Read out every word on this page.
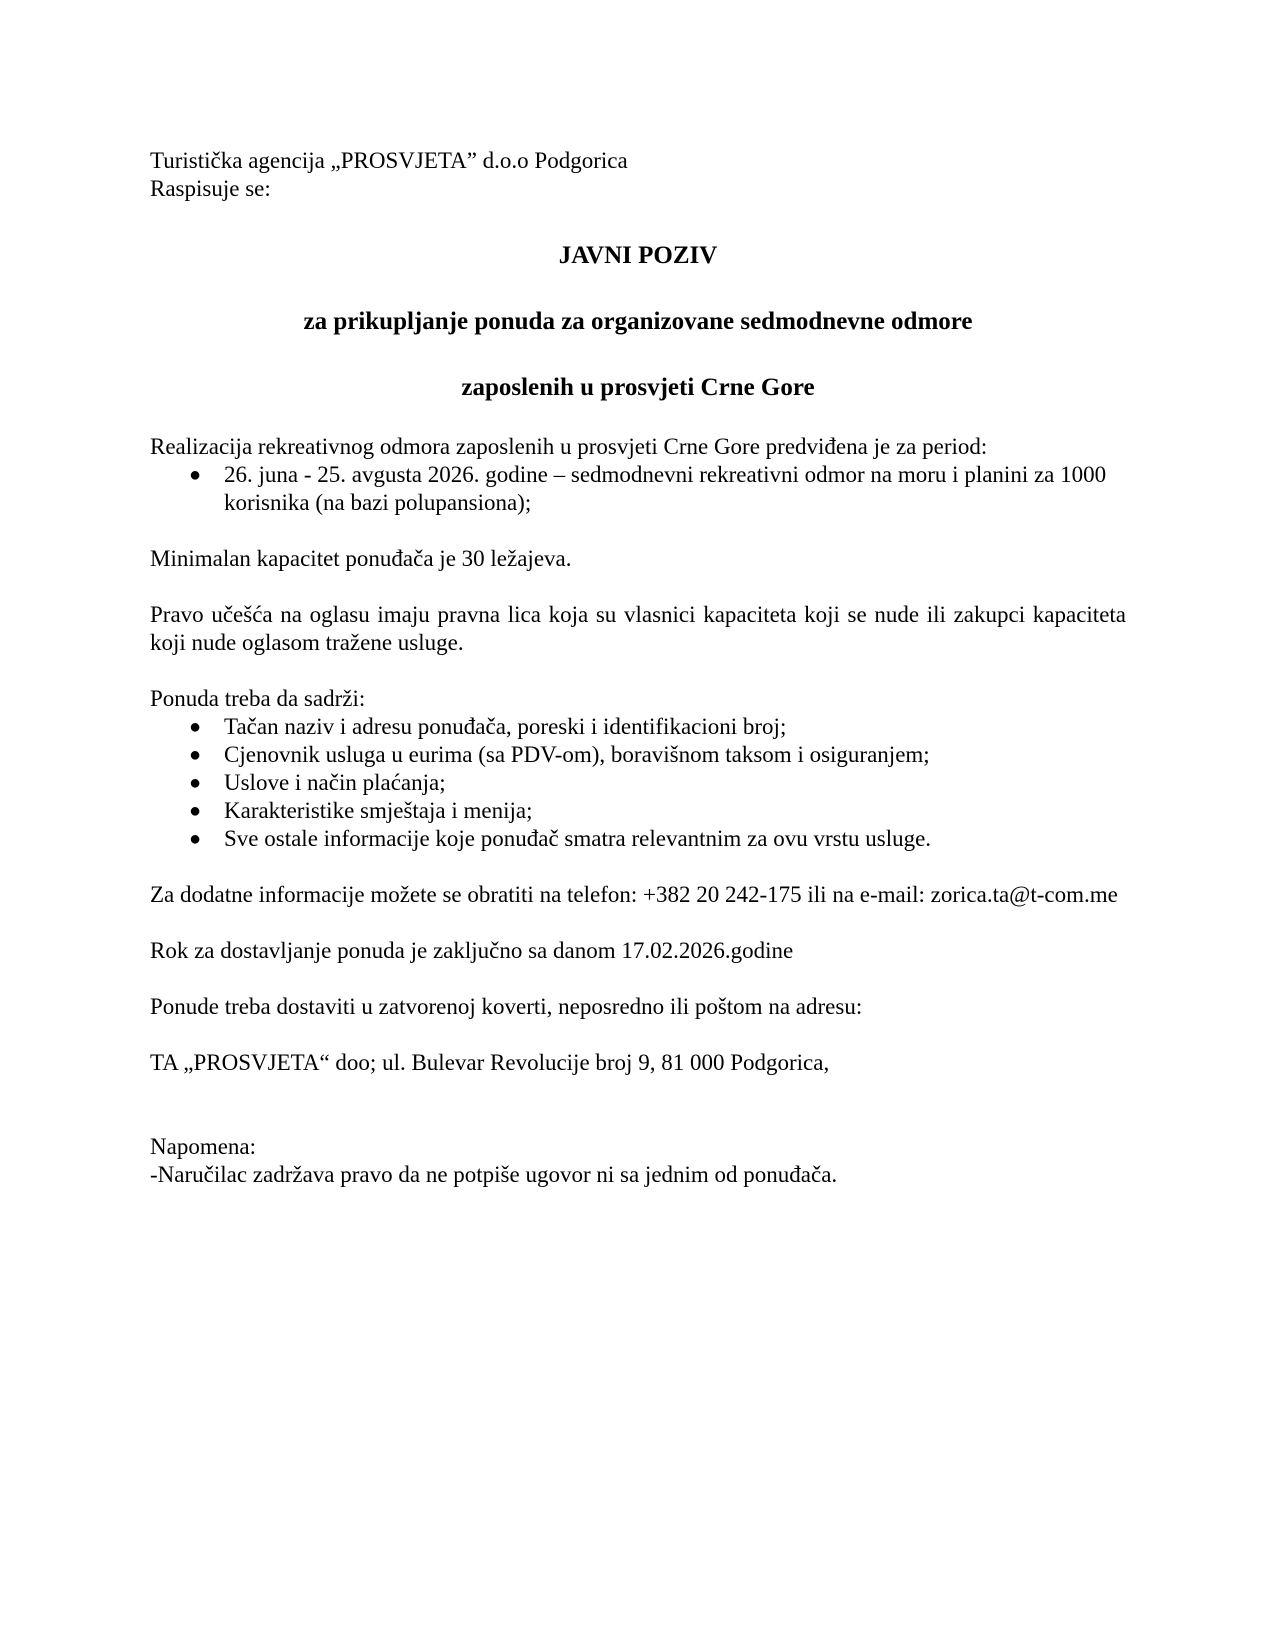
Turistička agencija „PROSVJETA” d.o.o Podgorica

Raspisuje se:

JAVNI POZIV

za prikupljanje ponuda za organizovane sedmodnevne odmore

zaposlenih u prosvjeti Crne Gore

Realizacija rekreativnog odmora zaposlenih u prosvjeti Crne Gore predviđena je za period:

● 26. juna - 25. avgusta 2026. godine – sedmodnevni rekreativni odmor na moru i planini za 1000 korisnika (na bazi polupansiona);

Minimalan kapacitet ponuđača je 30 ležajeva.

Pravo učešća na oglasu imaju pravna lica koja su vlasnici kapaciteta koji se nude ili zakupci kapaciteta koji nude oglasom tražene usluge.

Ponuda treba da sadrži:

● Tačan naziv i adresu ponuđača, poreski i identifikacioni broj;
● Cjenovnik usluga u eurima (sa PDV-om), boravišnom taksom i osiguranjem;
● Uslove i način plaćanja;
● Karakteristike smještaja i menija;
● Sve ostale informacije koje ponuđač smatra relevantnim za ovu vrstu usluge.

Za dodatne informacije možete se obratiti na telefon: +382 20 242-175 ili na e-mail: zorica.ta@t-com.me

Rok za dostavljanje ponuda je zaključno sa danom 17.02.2026.godine

Ponude treba dostaviti u zatvorenoj koverti, neposredno ili poštom na adresu:

TA „PROSVJETA“ doo; ul. Bulevar Revolucije broj 9, 81 000 Podgorica,

Napomena:

-Naručilac zadržava pravo da ne potpiše ugovor ni sa jednim od ponuđača.
